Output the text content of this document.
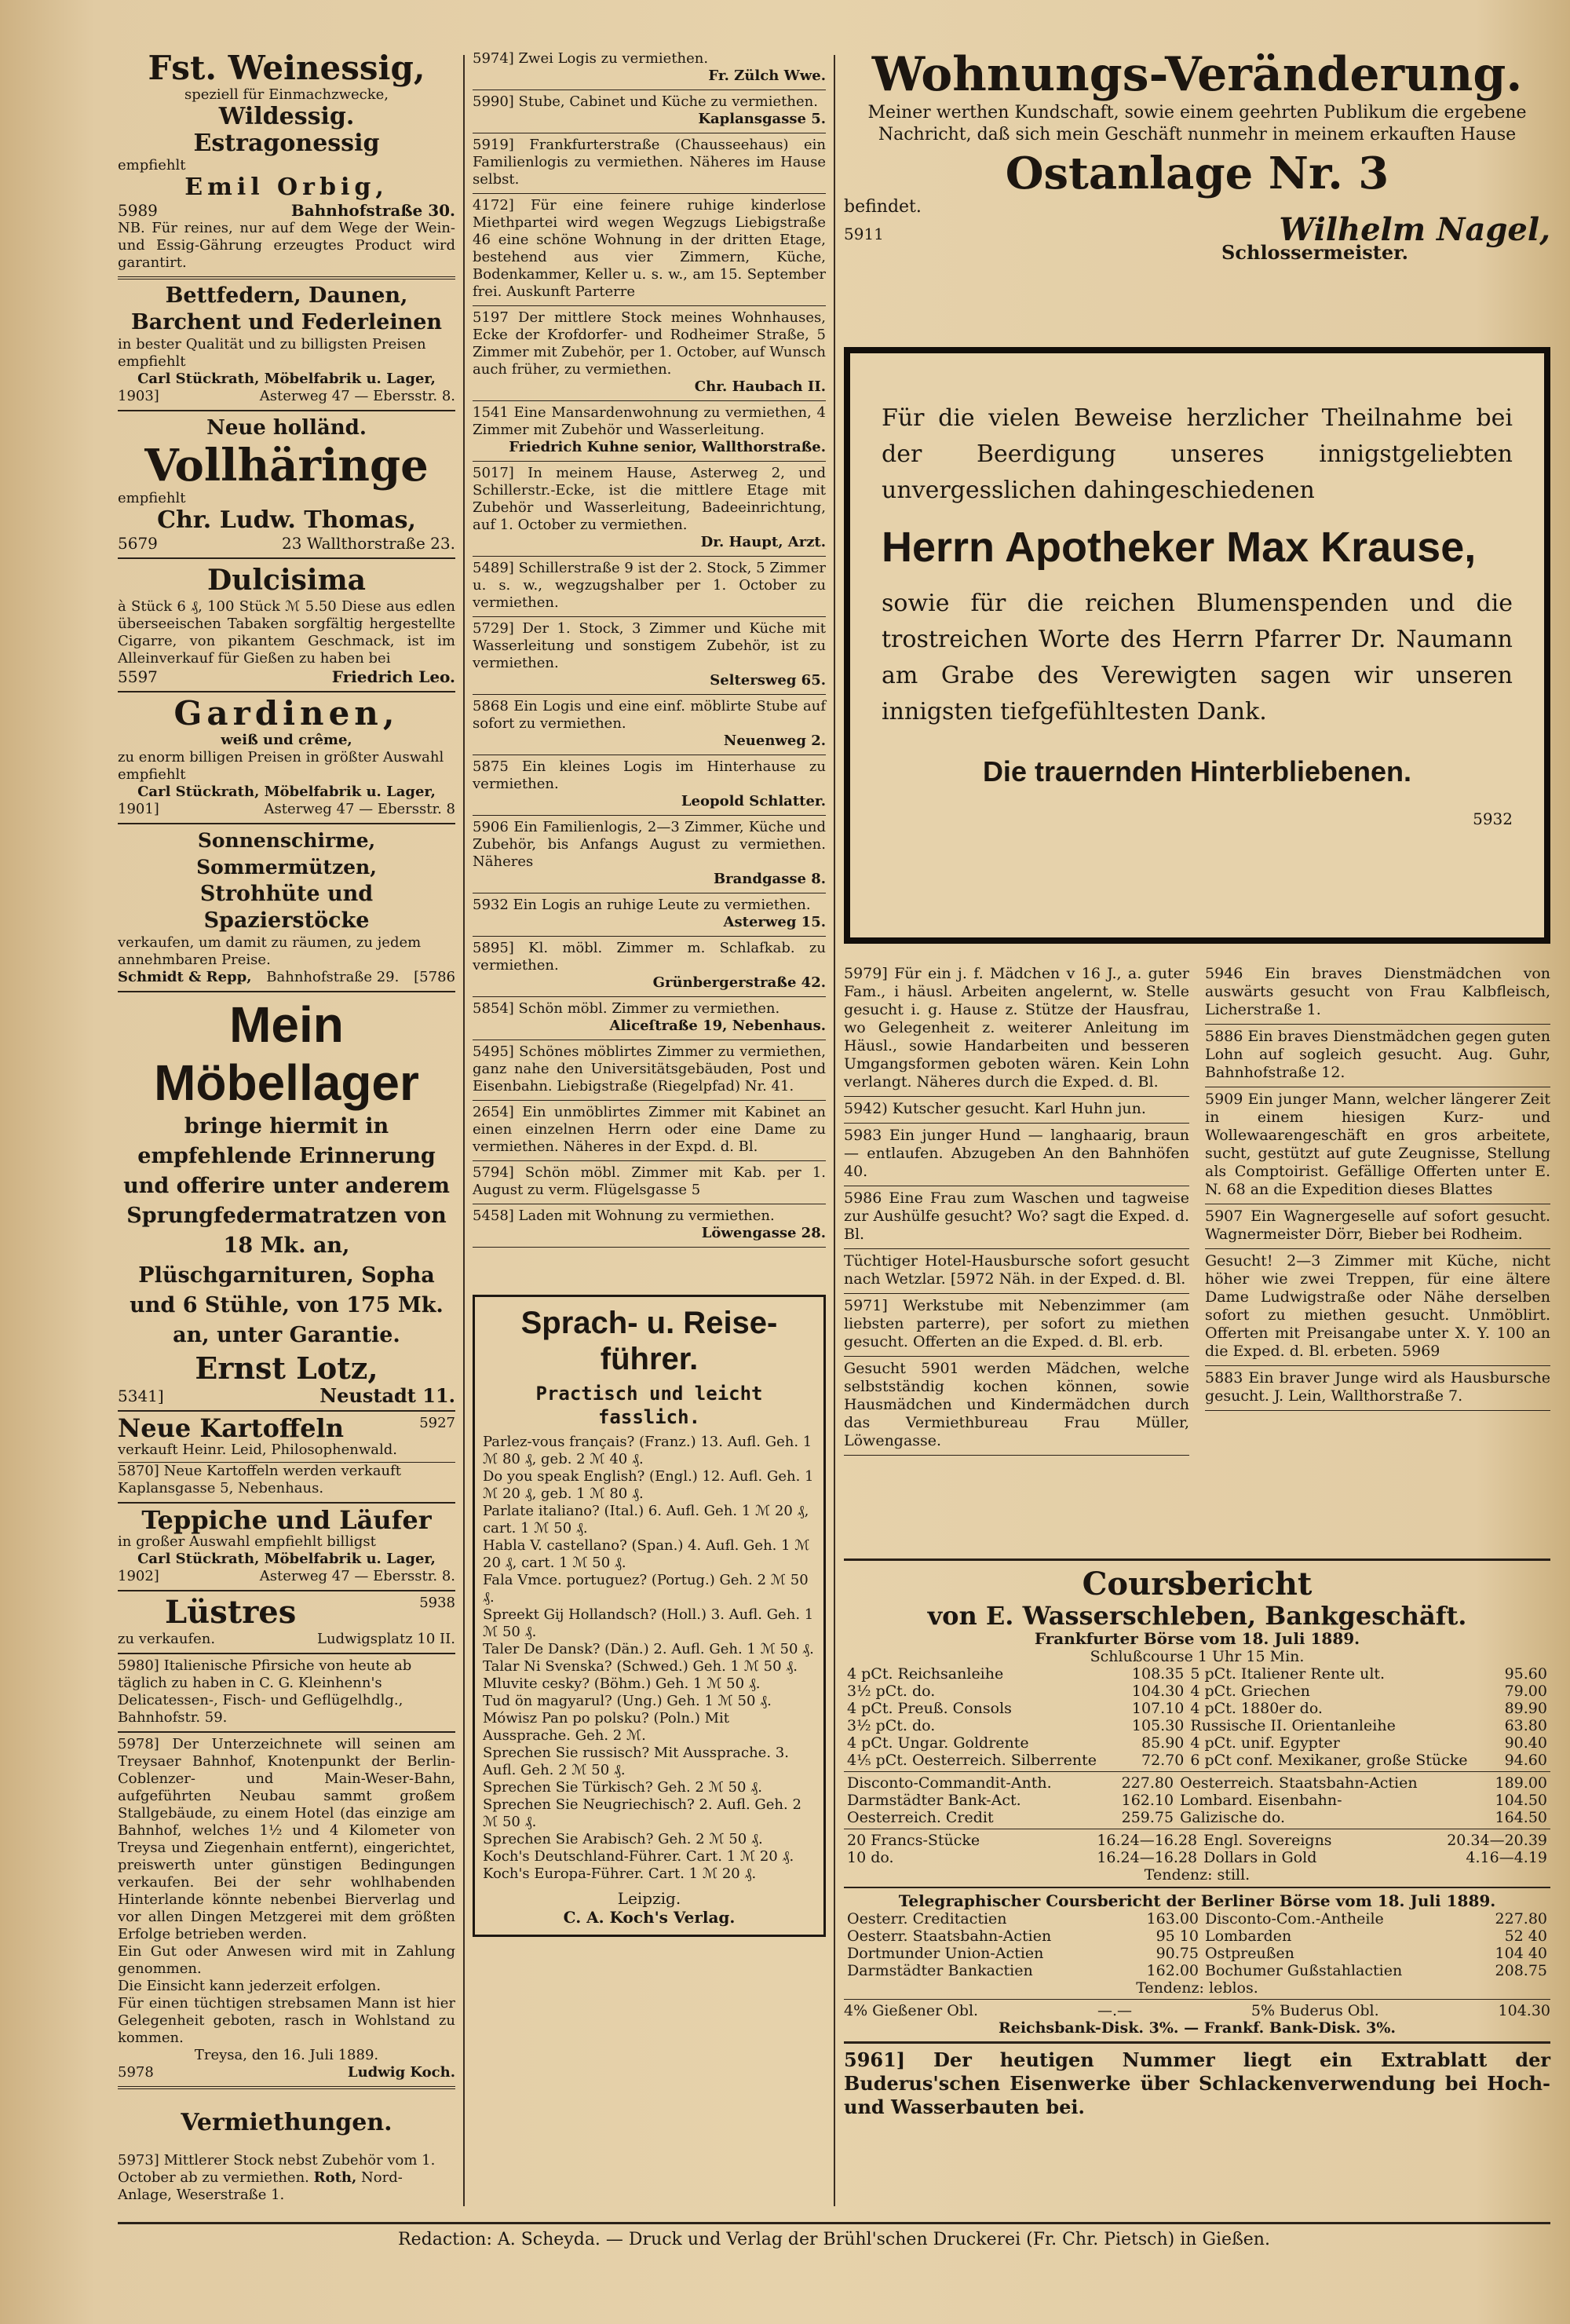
Fst. Weinessig,
speziell für Einmachzwecke,
Wildessig.
Estragonessig
empfiehlt
Emil Orbig,
5989	Bahnhofstraße 30.
NB. Für reines, nur auf dem Wege der Wein- und Essig-Gährung erzeugtes Product wird garantirt.
Bettfedern, Daunen,
Barchent und Federleinen
in bester Qualität und zu billigsten Preisen empfiehlt
Carl Stückrath, Möbelfabrik u. Lager,
1903]	Asterweg 47 — Ebersstr. 8.
Neue holländ.
Vollhäringe
empfiehlt
Chr. Ludw. Thomas,
5679	23 Wallthorstraße 23.
Dulcisima
à Stück 6 ₰, 100 Stück ℳ 5.50 Diese aus edlen überseeischen Tabaken sorgfältig hergestellte Cigarre, von pikantem Geschmack, ist im Alleinverkauf für Gießen zu haben bei
5597	Friedrich Leo.
Gardinen,
weiß und crême,
zu enorm billigen Preisen in größter Auswahl empfiehlt
Carl Stückrath, Möbelfabrik u. Lager,
1901]	Asterweg 47 — Ebersstr. 8
Sonnenschirme, Sommermützen,
Strohhüte und Spazierstöcke
verkaufen, um damit zu räumen, zu jedem annehmbaren Preise.
Schmidt & Repp, Bahnhofstraße 29. [5786
Mein Möbellager
bringe hiermit in empfehlende Erinnerung und offerire unter anderem Sprungfedermatratzen von 18 Mk. an, Plüschgarnituren, Sopha und 6 Stühle, von 175 Mk. an, unter Garantie.
Ernst Lotz,
5341]	Neustadt 11.
Neue Kartoffeln	5927
verkauft Heinr. Leid, Philosophenwald.
5870] Neue Kartoffeln werden verkauft Kaplansgasse 5, Nebenhaus.
Teppiche und Läufer
in großer Auswahl empfiehlt billigst
Carl Stückrath, Möbelfabrik u. Lager,
1902]	Asterweg 47 — Ebersstr. 8.
Lüstres	5938
zu verkaufen.	Ludwigsplatz 10 II.
5980] Italienische Pfirsiche von heute ab täglich zu haben in C. G. Kleinhenn's Delicatessen-, Fisch- und Geflügelhdlg., Bahnhofstr. 59.
5978] Der Unterzeichnete will seinen am Treysaer Bahnhof, Knotenpunkt der Berlin-Coblenzer- und Main-Weser-Bahn, aufgeführten Neubau sammt großem Stallgebäude, zu einem Hotel (das einzige am Bahnhof, welches 1½ und 4 Kilometer von Treysa und Ziegenhain entfernt), eingerichtet, preiswerth unter günstigen Bedingungen verkaufen. Bei der sehr wohlhabenden Hinterlande könnte nebenbei Bierverlag und vor allen Dingen Metzgerei mit dem größten Erfolge betrieben werden.
Ein Gut oder Anwesen wird mit in Zahlung genommen.
Die Einsicht kann jederzeit erfolgen.
Für einen tüchtigen strebsamen Mann ist hier Gelegenheit geboten, rasch in Wohlstand zu kommen.
Treysa, den 16. Juli 1889.
5978	Ludwig Koch.
Vermiethungen.
5973] Mittlerer Stock nebst Zubehör vom 1. October ab zu vermiethen. Roth, Nord-Anlage, Weserstraße 1.
5974] Zwei Logis zu vermiethen.
Fr. Zülch Wwe.
5990] Stube, Cabinet und Küche zu vermiethen.
Kaplansgasse 5.
5919] Frankfurterstraße (Chausseehaus) ein Familienlogis zu vermiethen. Näheres im Hause selbst.
4172] Für eine feinere ruhige kinderlose Miethpartei wird wegen Wegzugs Liebigstraße 46 eine schöne Wohnung in der dritten Etage, bestehend aus vier Zimmern, Küche, Bodenkammer, Keller u. s. w., am 15. September frei. Auskunft Parterre
5197 Der mittlere Stock meines Wohnhauses, Ecke der Krofdorfer- und Rodheimer Straße, 5 Zimmer mit Zubehör, per 1. October, auf Wunsch auch früher, zu vermiethen.
Chr. Haubach II.
1541 Eine Mansardenwohnung zu vermiethen, 4 Zimmer mit Zubehör und Wasserleitung.
Friedrich Kuhne senior, Wallthorstraße.
5017] In meinem Hause, Asterweg 2, und Schillerstr.-Ecke, ist die mittlere Etage mit Zubehör und Wasserleitung, Badeeinrichtung, auf 1. October zu vermiethen.
Dr. Haupt, Arzt.
5489] Schillerstraße 9 ist der 2. Stock, 5 Zimmer u. s. w., wegzugshalber per 1. October zu vermiethen.
5729] Der 1. Stock, 3 Zimmer und Küche mit Wasserleitung und sonstigem Zubehör, ist zu vermiethen.
Seltersweg 65.
5868 Ein Logis und eine einf. möblirte Stube auf sofort zu vermiethen.
Neuenweg 2.
5875 Ein kleines Logis im Hinterhause zu vermiethen.
Leopold Schlatter.
5906 Ein Familienlogis, 2—3 Zimmer, Küche und Zubehör, bis Anfangs August zu vermiethen. Näheres
Brandgasse 8.
5932 Ein Logis an ruhige Leute zu vermiethen.
Asterweg 15.
5895] Kl. möbl. Zimmer m. Schlafkab. zu vermiethen.
Grünbergerstraße 42.
5854] Schön möbl. Zimmer zu vermiethen.
Aliceſtraße 19, Nebenhaus.
5495] Schönes möblirtes Zimmer zu vermiethen, ganz nahe den Universitätsgebäuden, Post und Eisenbahn. Liebigstraße (Riegelpfad) Nr. 41.
2654] Ein unmöblirtes Zimmer mit Kabinet an einen einzelnen Herrn oder eine Dame zu vermiethen. Näheres in der Expd. d. Bl.
5794] Schön möbl. Zimmer mit Kab. per 1. August zu verm. Flügelsgasse 5
5458] Laden mit Wohnung zu vermiethen.
Löwengasse 28.
Sprach- u. Reise-führer.
Practisch und leicht fasslich.
Parlez-vous français? (Franz.) 13. Aufl. Geh. 1 ℳ 80 ₰, geb. 2 ℳ 40 ₰.
Do you speak English? (Engl.) 12. Aufl. Geh. 1 ℳ 20 ₰, geb. 1 ℳ 80 ₰.
Parlate italiano? (Ital.) 6. Aufl. Geh. 1 ℳ 20 ₰, cart. 1 ℳ 50 ₰.
Habla V. castellano? (Span.) 4. Aufl. Geh. 1 ℳ 20 ₰, cart. 1 ℳ 50 ₰.
Fala Vmce. portuguez? (Portug.) Geh. 2 ℳ 50 ₰.
Spreekt Gij Hollandsch? (Holl.) 3. Aufl. Geh. 1 ℳ 50 ₰.
Taler De Dansk? (Dän.) 2. Aufl. Geh. 1 ℳ 50 ₰.
Talar Ni Svenska? (Schwed.) Geh. 1 ℳ 50 ₰.
Mluvite cesky? (Böhm.) Geh. 1 ℳ 50 ₰.
Tud ön magyarul? (Ung.) Geh. 1 ℳ 50 ₰.
Mówisz Pan po polsku? (Poln.) Mit Aussprache. Geh. 2 ℳ.
Sprechen Sie russisch? Mit Aussprache. 3. Aufl. Geh. 2 ℳ 50 ₰.
Sprechen Sie Türkisch? Geh. 2 ℳ 50 ₰.
Sprechen Sie Neugriechisch? 2. Aufl. Geh. 2 ℳ 50 ₰.
Sprechen Sie Arabisch? Geh. 2 ℳ 50 ₰.
Koch's Deutschland-Führer. Cart. 1 ℳ 20 ₰.
Koch's Europa-Führer. Cart. 1 ℳ 20 ₰.
Leipzig.
C. A. Koch's Verlag.
Wohnungs-Veränderung.
Meiner werthen Kundschaft, sowie einem geehrten Publikum die ergebene Nachricht, daß sich mein Geschäft nunmehr in meinem erkauften Hause
Ostanlage Nr. 3
befindet.
5911	Wilhelm Nagel,
Schlossermeister.
Für die vielen Beweise herzlicher Theilnahme bei der Beerdigung unseres innigstgeliebten unvergesslichen dahingeschiedenen
Herrn Apotheker Max Krause,
sowie für die reichen Blumenspenden und die trostreichen Worte des Herrn Pfarrer Dr. Naumann am Grabe des Verewigten sagen wir unseren innigsten tiefgefühltesten Dank.
Die trauernden Hinterbliebenen.
5932
5979] Für ein j. f. Mädchen v 16 J., a. guter Fam., i häusl. Arbeiten angelernt, w. Stelle gesucht i. g. Hause z. Stütze der Hausfrau, wo Gelegenheit z. weiterer Anleitung im Häusl., sowie Handarbeiten und besseren Umgangsformen geboten wären. Kein Lohn verlangt. Näheres durch die Exped. d. Bl.
5942) Kutscher gesucht. Karl Huhn jun.
5983 Ein junger Hund — langhaarig, braun — entlaufen. Abzugeben An den Bahnhöfen 40.
5986 Eine Frau zum Waschen und tagweise zur Aushülfe gesucht? Wo? sagt die Exped. d. Bl.
Tüchtiger Hotel-Hausbursche sofort gesucht nach Wetzlar. [5972 Näh. in der Exped. d. Bl.
5971] Werkstube mit Nebenzimmer (am liebsten parterre), per sofort zu miethen gesucht. Offerten an die Exped. d. Bl. erb.
Gesucht 5901 werden Mädchen, welche selbstständig kochen können, sowie Hausmädchen und Kindermädchen durch das Vermiethbureau Frau Müller, Löwengasse.
5946 Ein braves Dienstmädchen von auswärts gesucht von Frau Kalbfleisch, Licherstraße 1.
5886 Ein braves Dienstmädchen gegen guten Lohn auf sogleich gesucht. Aug. Guhr, Bahnhofstraße 12.
5909 Ein junger Mann, welcher längerer Zeit in einem hiesigen Kurz- und Wollewaarengeschäft en gros arbeitete, sucht, gestützt auf gute Zeugnisse, Stellung als Comptoirist. Gefällige Offerten unter E. N. 68 an die Expedition dieses Blattes
5907 Ein Wagnergeselle auf sofort gesucht. Wagnermeister Dörr, Bieber bei Rodheim.
Gesucht! 2—3 Zimmer mit Küche, nicht höher wie zwei Treppen, für eine ältere Dame Ludwigstraße oder Nähe derselben sofort zu miethen gesucht. Unmöblirt. Offerten mit Preisangabe unter X. Y. 100 an die Exped. d. Bl. erbeten. 5969
5883 Ein braver Junge wird als Hausbursche gesucht. J. Lein, Wallthorstraße 7.
Coursbericht
von E. Wasserschleben, Bankgeschäft.
Frankfurter Börse vom 18. Juli 1889.
Schlußcourse 1 Uhr 15 Min.
4 pCt. Reichsanleihe	108.35	5 pCt. Italiener Rente ult.	95.60
3½ pCt. do.	104.30	4 pCt. Griechen	79.00
4 pCt. Preuß. Consols	107.10	4 pCt. 1880er do.	89.90
3½ pCt. do.	105.30	Russische II. Orientanleihe	63.80
4 pCt. Ungar. Goldrente	85.90	4 pCt. unif. Egypter	90.40
4⅕ pCt. Oesterreich. Silberrente	72.70	6 pCt conf. Mexikaner, große Stücke	94.60
Disconto-Commandit-Anth.	227.80	Oesterreich. Staatsbahn-Actien	189.00
Darmstädter Bank-Act.	162.10	Lombard. Eisenbahn-	104.50
Oesterreich. Credit	259.75	Galizische do.	164.50
20 Francs-Stücke	16.24—16.28	Engl. Sovereigns	20.34—20.39
10 do.	16.24—16.28	Dollars in Gold	4.16—4.19
Tendenz: still.
Telegraphischer Coursbericht der Berliner Börse vom 18. Juli 1889.
Oesterr. Creditactien	163.00	Disconto-Com.-Antheile	227.80
Oesterr. Staatsbahn-Actien	95 10	Lombarden	52 40
Dortmunder Union-Actien	90.75	Ostpreußen	104 40
Darmstädter Bankactien	162.00	Bochumer Gußstahlactien	208.75
Tendenz: leblos.
4% Gießener Obl.	—.—	5% Buderus Obl.	104.30
Reichsbank-Disk. 3%. — Frankf. Bank-Disk. 3%.
5961] Der heutigen Nummer liegt ein Extrablatt der Buderus'schen Eisenwerke über Schlackenverwendung bei Hoch- und Wasserbauten bei.
Redaction: A. Scheyda. — Druck und Verlag der Brühl'schen Druckerei (Fr. Chr. Pietsch) in Gießen.
